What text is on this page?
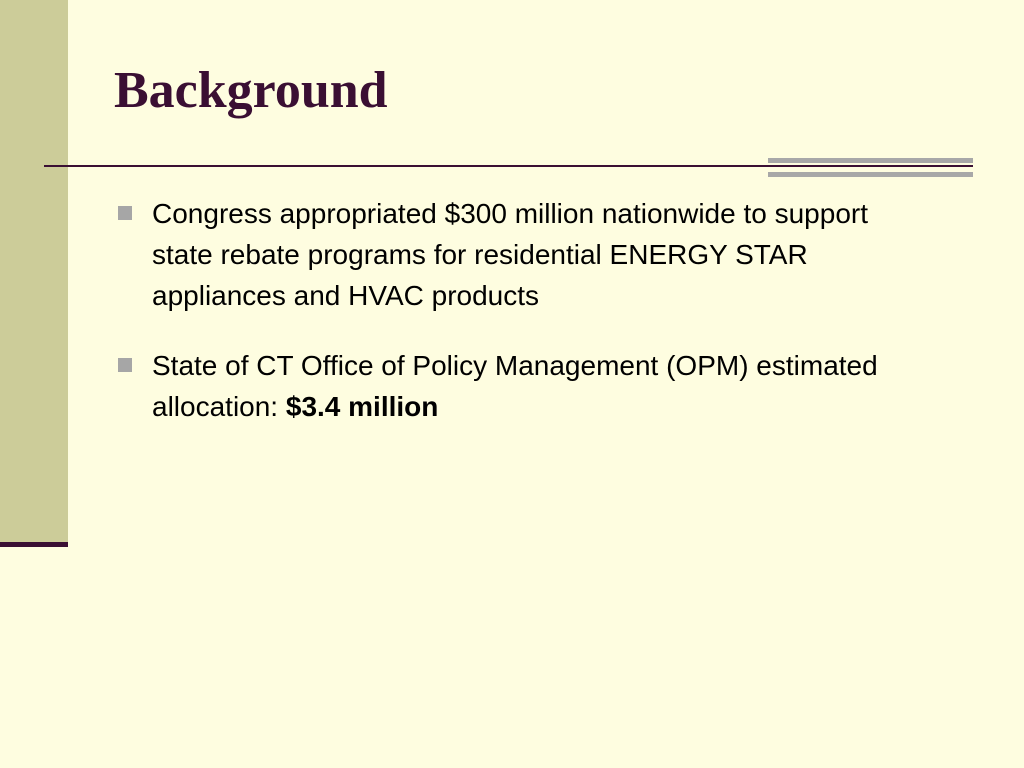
Background
Congress appropriated $300 million nationwide to support state rebate programs for residential ENERGY STAR appliances and HVAC products
State of CT Office of Policy Management (OPM) estimated allocation: $3.4 million
